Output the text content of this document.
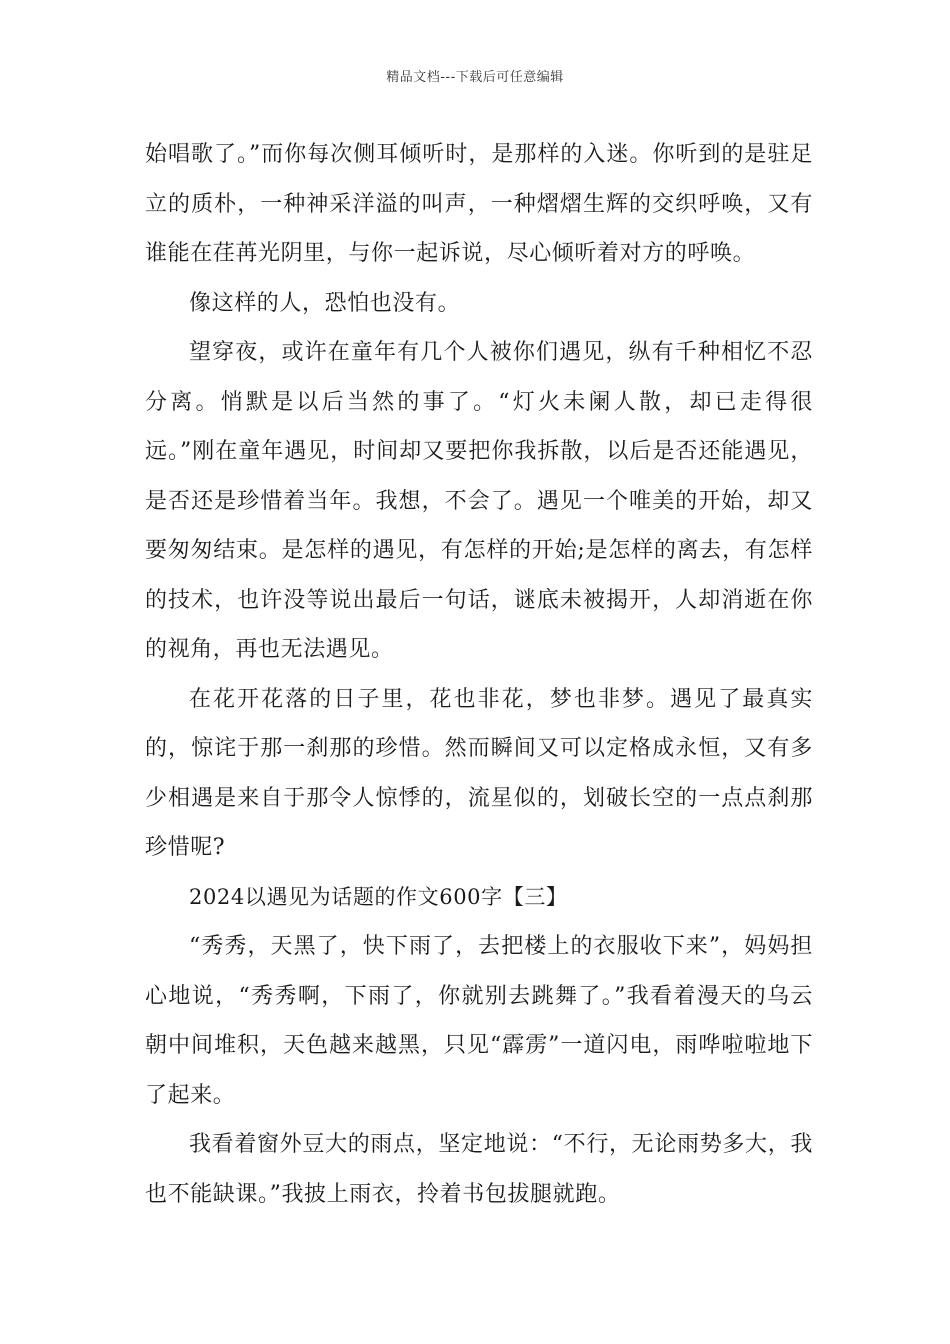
精品文档---下载后可任意编辑

始唱歌了。”而你每次侧耳倾听时，是那样的入迷。你听到的是驻足立的质朴，一种神采洋溢的叫声，一种熠熠生辉的交织呼唤，又有谁能在荏苒光阴里，与你一起诉说，尽心倾听着对方的呼唤。

像这样的人，恐怕也没有。

望穿夜，或许在童年有几个人被你们遇见，纵有千种相忆不忍分离。悄默是以后当然的事了。“灯火未阑人散，却已走得很远。”刚在童年遇见，时间却又要把你我拆散，以后是否还能遇见，是否还是珍惜着当年。我想，不会了。遇见一个唯美的开始，却又要匆匆结束。是怎样的遇见，有怎样的开始;是怎样的离去，有怎样的技术，也许没等说出最后一句话，谜底未被揭开，人却消逝在你的视角，再也无法遇见。

在花开花落的日子里，花也非花，梦也非梦。遇见了最真实的，惊诧于那一刹那的珍惜。然而瞬间又可以定格成永恒，又有多少相遇是来自于那令人惊悸的，流星似的，划破长空的一点点刹那珍惜呢?

2024以遇见为话题的作文600字【三】

“秀秀，天黑了，快下雨了，去把楼上的衣服收下来”，妈妈担心地说，“秀秀啊，下雨了，你就别去跳舞了。”我看着漫天的乌云朝中间堆积，天色越来越黑，只见“霹雳”一道闪电，雨哗啦啦地下了起来。

我看着窗外豆大的雨点，坚定地说：“不行，无论雨势多大，我也不能缺课。”我披上雨衣，拎着书包拔腿就跑。
